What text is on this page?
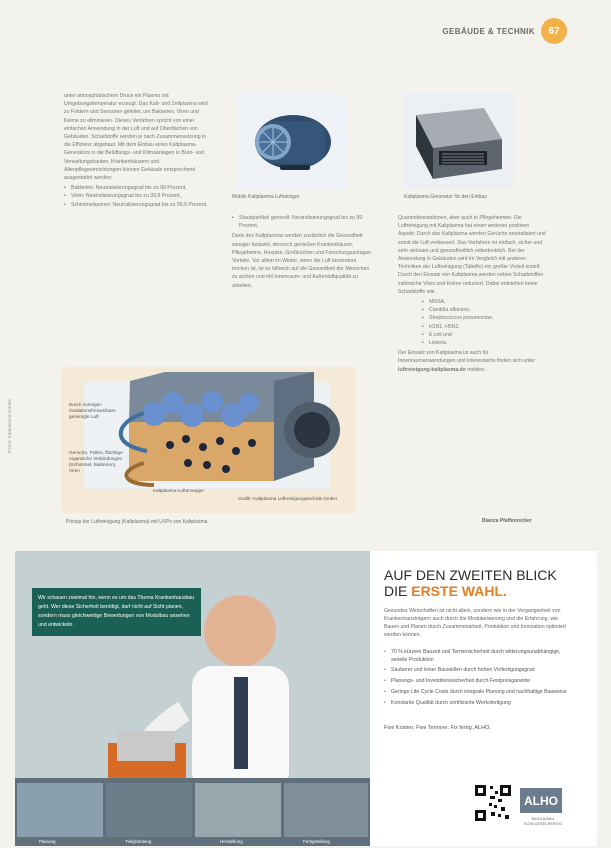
GEBÄUDE & TECHNIK	67

unter atmosphärischem Druck ein Plasma mit Umgebungstemperatur erzeugt. Das Kalt- und Zellplasma wird zu Feldern und Sensoren geleitet, um Bakterien, Viren und Keime zu eliminieren. Dieses Verfahren spricht von einer einfachen Anwendung in der Luft und auf Oberflächen von Gebäuden. Schadstoffe werden je nach Zusammensetzung in die Effizienz abgebaut. Mit dem Einbau eines Kaltplasma-Generators in die Belüftungs- und Klimaanlagen in Büro- und Verwaltungsbauten, Krankenhäusern und Altenpflegeeinrichtungen können Gebäude entsprechend ausgestattet werden:

• Bakterien: Neutralisierungsgrad bis zu 99 Prozent,
• Viren: Neutralisierungsgrad bis zu 99,9 Prozent,
• Schimmelsporen: Neutralisierungsgrad bis zu 99,9 Prozent.
Mobile Kaltplasma-Luftreiniger	Kaltplasma-Generator für den Einbau
• Staubpartikel generell: Neutralisierungsgrad bis zu 99 Prozent.

Dank des Kaltplasmas werden zusätzlich die Gesundheit weniger belastet, dennoch genießen Krankenhäuser, Pflegeheime, Hospize, Großküchen und Forschungsanlagen Vorteile. Vor allem im Winter, wenn die Luft besonders trocken ist, ist es hilfreich auf die Gesundheit der Menschen zu achten und mit Innenraum- und Außenluftqualität zu arbeiten.

Quarantänestationen, aber auch in Pflegeheimen. Die Luftreinigung mit Kaltplasma hat einen weiteren positiven Aspekt: Durch das Kaltplasma werden Gerüche neutralisiert und somit die Luft verbessert. Das Verfahren ist einfach, sicher und sehr wirksam und gesundheitlich unbedenklich. Bei der Anwendung in Gebäuden wird im Vergleich mit anderen Techniken der Luftreinigung (Tabelle) ein großer Vorteil erzielt: Durch den Einsatz von Kaltplasma werden neben Schadstoffen zahlreiche Viren und Keime reduziert. Dabei entstehen keine Schadstoffe wie

• MRSA,
• Candida albicans,
• Streptococcus pneumoniae,
• H1N1, H5N1,
• E.coli und
• Listeria.

Der Einsatz von Kaltplasma ist auch für Innenraumanwendungen und Interessierte finden sich unter luftreinigung-kaltplasma.de melden.

Durch sonnigen Oxidationsfreisetzbare gereinigte Luft
Gerüche, Pollen, flüchtige organische Verbindungen (Schimmel, Bakterien), Viren
Kaltplasma-Lufterzeuger
Grafik: Kaltplasma Luftreinigungstechnik GmbH
Prinzip der Luftreinigung (Kaltplasma) mit UVPs von Kaltplasma	Bianca Pfaffenrecker
Fotos: Kaltplasma GmbH
Wir schauen zweimal hin, wenn es um das Thema Krankenhausbau geht. Wer diese Sicherheit benötigt, darf nicht auf Sicht planen, sondern muss gleichwertige Bewertungen von Modulbau ansehen und entwickeln.
Planung	Tiefgründung	Herstellung	Fertigstellung
AUF DEN ZWEITEN BLICK
DIE ERSTE WAHL.
Gesundes Wirtschaften ist nicht allein, sondern wie in der Vergangenheit von Krankenhausträgern auch durch die Modularisierung und die Erfahrung, wie Bauen und Planen durch Zusammenarbeit, Produktion und Innovation optimiert werden können.
• 70 % kürzere Bauzeit und Terminsicherheit durch witterungsunabhängige, serielle Produktion
• Sauberer und leiser Baustellen durch hohen Vorfertigungsgrad
• Planungs- und Investitionssicherheit durch Festpreisgarantie
• Geringe Life Cycle Costs durch integrale Planung und nachhaltige Bauweise
• Konstante Qualität durch zertifizierte Werksfertigung
Fixe Kosten. Fixe Termine. Fix fertig. ALHO.
ALHO
MODULBAU SCHLÜSSELFERTIG
